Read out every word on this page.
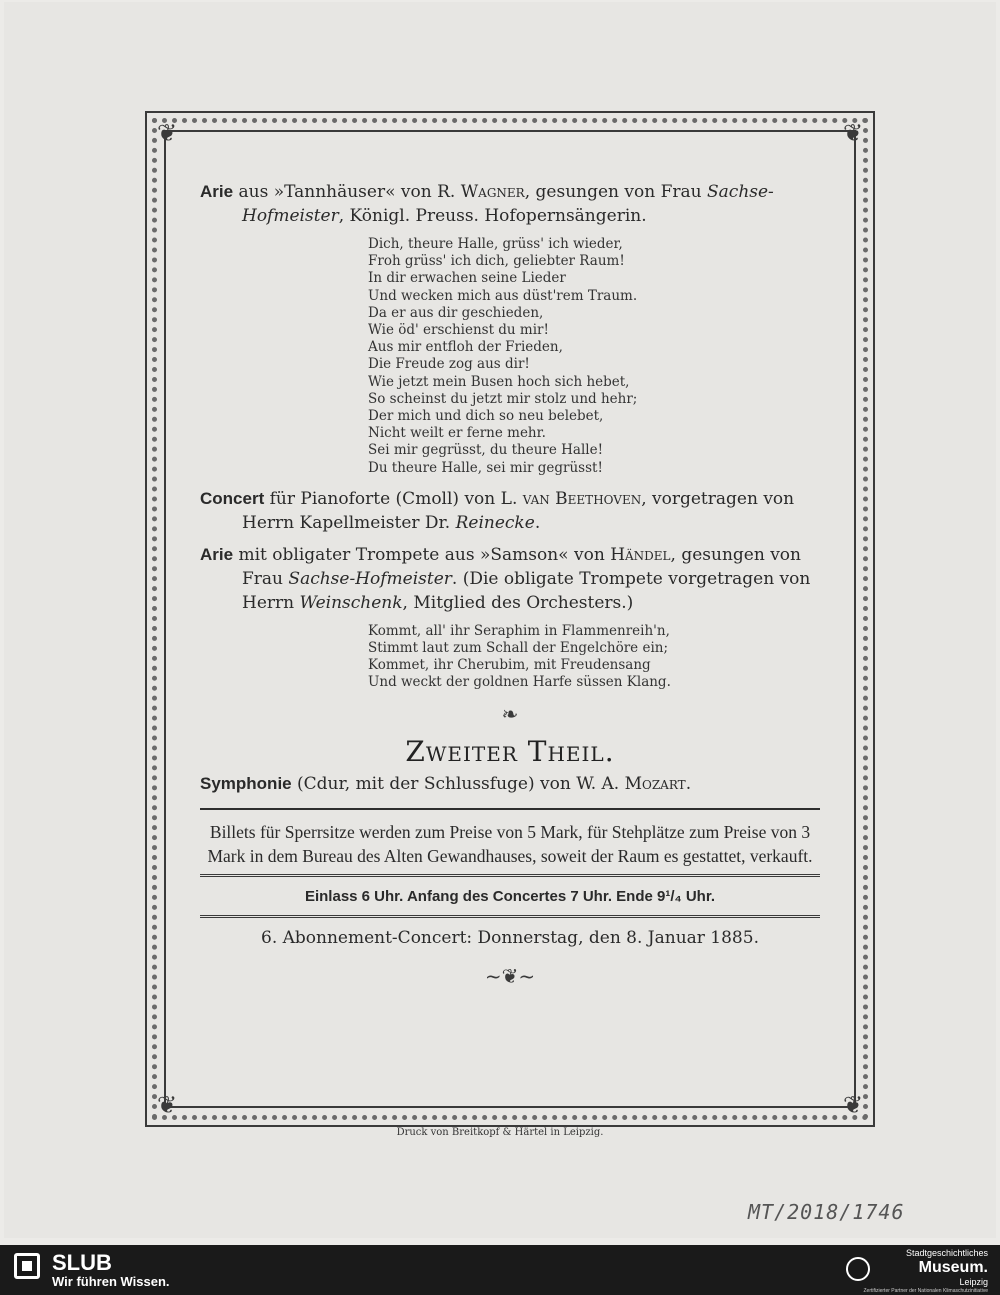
❦	❦
❦	❦

Arie aus »Tannhäuser« von R. Wagner, gesungen von Frau Sachse-Hofmeister, Königl. Preuss. Hofopernsängerin.

Dich, theure Halle, grüss' ich wieder,
Froh grüss' ich dich, geliebter Raum!
In dir erwachen seine Lieder
Und wecken mich aus düst'rem Traum.
Da er aus dir geschieden,
Wie öd' erschienst du mir!
Aus mir entfloh der Frieden,
Die Freude zog aus dir!
Wie jetzt mein Busen hoch sich hebet,
So scheinst du jetzt mir stolz und hehr;
Der mich und dich so neu belebet,
Nicht weilt er ferne mehr.
Sei mir gegrüsst, du theure Halle!
Du theure Halle, sei mir gegrüsst!

Concert für Pianoforte (Cmoll) von L. van Beethoven, vorgetragen von Herrn Kapellmeister Dr. Reinecke.

Arie mit obligater Trompete aus »Samson« von Händel, gesungen von Frau Sachse-Hofmeister. (Die obligate Trompete vorgetragen von Herrn Weinschenk, Mitglied des Orchesters.)

Kommt, all' ihr Seraphim in Flammenreih'n,
Stimmt laut zum Schall der Engelchöre ein;
Kommet, ihr Cherubim, mit Freudensang
Und weckt der goldnen Harfe süssen Klang.
❧
Zweiter Theil.

Symphonie (Cdur, mit der Schlussfuge) von W. A. Mozart.

Billets für Sperrsitze werden zum Preise von 5 Mark, für Stehplätze zum Preise von 3 Mark in dem Bureau des Alten Gewandhauses, soweit der Raum es gestattet, verkauft.
Einlass 6 Uhr. Anfang des Concertes 7 Uhr. Ende 9¹/₄ Uhr.
6. Abonnement-Concert: Donnerstag, den 8. Januar 1885.
~❦~
Druck von Breitkopf & Härtel in Leipzig.
MT/2018/1746
SLUB
Wir führen Wissen.
Stadtgeschichtliches
Museum.
Leipzig
Zertifizierter Partner der Nationalen Klimaschutzinitiative
